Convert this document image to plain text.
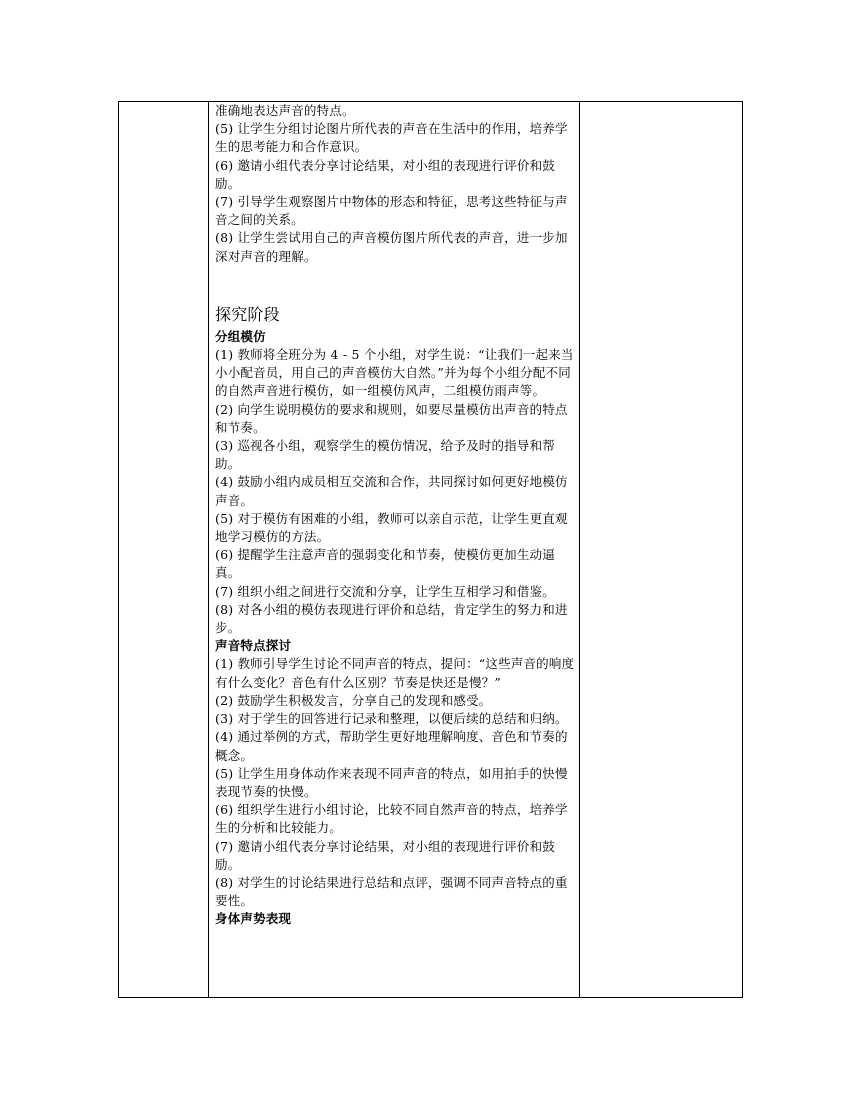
准确地表达声音的特点。

(5) 让学生分组讨论图片所代表的声音在生活中的作用，培养学生的思考能力和合作意识。

(6) 邀请小组代表分享讨论结果，对小组的表现进行评价和鼓励。

(7) 引导学生观察图片中物体的形态和特征，思考这些特征与声音之间的关系。

(8) 让学生尝试用自己的声音模仿图片所代表的声音，进一步加深对声音的理解。

探究阶段

分组模仿

(1) 教师将全班分为 4 - 5 个小组，对学生说：“让我们一起来当小小配音员，用自己的声音模仿大自然。”并为每个小组分配不同的自然声音进行模仿，如一组模仿风声，二组模仿雨声等。

(2) 向学生说明模仿的要求和规则，如要尽量模仿出声音的特点和节奏。

(3) 巡视各小组，观察学生的模仿情况，给予及时的指导和帮助。

(4) 鼓励小组内成员相互交流和合作，共同探讨如何更好地模仿声音。

(5) 对于模仿有困难的小组，教师可以亲自示范，让学生更直观地学习模仿的方法。

(6) 提醒学生注意声音的强弱变化和节奏，使模仿更加生动逼真。

(7) 组织小组之间进行交流和分享，让学生互相学习和借鉴。

(8) 对各小组的模仿表现进行评价和总结，肯定学生的努力和进步。

声音特点探讨

(1) 教师引导学生讨论不同声音的特点，提问：“这些声音的响度有什么变化？音色有什么区别？节奏是快还是慢？”

(2) 鼓励学生积极发言，分享自己的发现和感受。

(3) 对于学生的回答进行记录和整理，以便后续的总结和归纳。

(4) 通过举例的方式，帮助学生更好地理解响度、音色和节奏的概念。

(5) 让学生用身体动作来表现不同声音的特点，如用拍手的快慢表现节奏的快慢。

(6) 组织学生进行小组讨论，比较不同自然声音的特点，培养学生的分析和比较能力。

(7) 邀请小组代表分享讨论结果，对小组的表现进行评价和鼓励。

(8) 对学生的讨论结果进行总结和点评，强调不同声音特点的重要性。

身体声势表现
